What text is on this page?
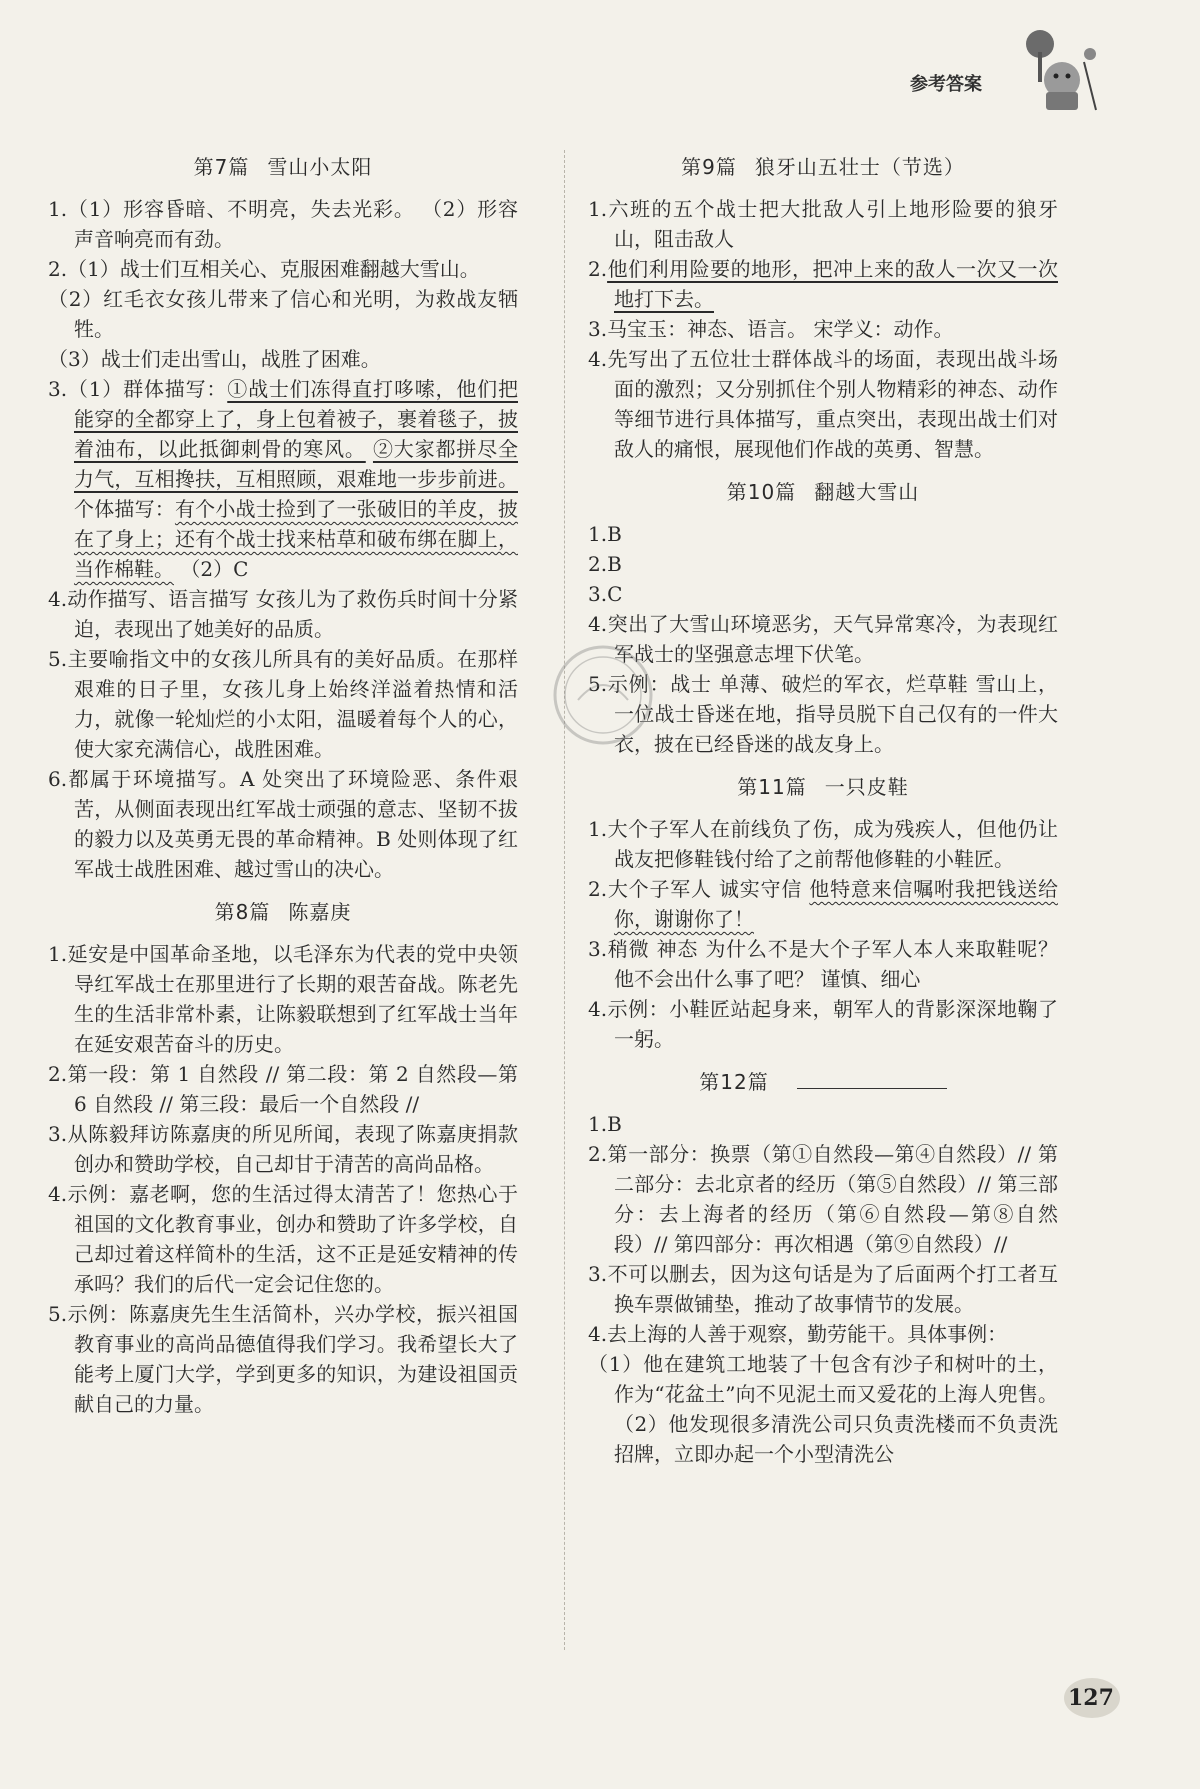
参考答案
第7篇 雪山小太阳

1.（1）形容昏暗、不明亮，失去光彩。 （2）形容声音响亮而有劲。

2.（1）战士们互相关心、克服困难翻越大雪山。

（2）红毛衣女孩儿带来了信心和光明，为救战友牺牲。

（3）战士们走出雪山，战胜了困难。

3.（1）群体描写：①战士们冻得直打哆嗦，他们把能穿的全都穿上了，身上包着被子，裹着毯子，披着油布，以此抵御刺骨的寒风。 ②大家都拼尽全力气，互相搀扶，互相照顾，艰难地一步步前进。个体描写：有个小战士捡到了一张破旧的羊皮，披在了身上；还有个战士找来枯草和破布绑在脚上，当作棉鞋。 （2）C

4.动作描写、语言描写 女孩儿为了救伤兵时间十分紧迫，表现出了她美好的品质。

5.主要喻指文中的女孩儿所具有的美好品质。在那样艰难的日子里，女孩儿身上始终洋溢着热情和活力，就像一轮灿烂的小太阳，温暖着每个人的心，使大家充满信心，战胜困难。

6.都属于环境描写。A 处突出了环境险恶、条件艰苦，从侧面表现出红军战士顽强的意志、坚韧不拔的毅力以及英勇无畏的革命精神。B 处则体现了红军战士战胜困难、越过雪山的决心。

第8篇 陈嘉庚

1.延安是中国革命圣地，以毛泽东为代表的党中央领导红军战士在那里进行了长期的艰苦奋战。陈老先生的生活非常朴素，让陈毅联想到了红军战士当年在延安艰苦奋斗的历史。

2.第一段：第 1 自然段 // 第二段：第 2 自然段—第 6 自然段 // 第三段：最后一个自然段 //

3.从陈毅拜访陈嘉庚的所见所闻，表现了陈嘉庚捐款创办和赞助学校，自己却甘于清苦的高尚品格。

4.示例：嘉老啊，您的生活过得太清苦了！您热心于祖国的文化教育事业，创办和赞助了许多学校，自己却过着这样简朴的生活，这不正是延安精神的传承吗？我们的后代一定会记住您的。

5.示例：陈嘉庚先生生活简朴，兴办学校，振兴祖国教育事业的高尚品德值得我们学习。我希望长大了能考上厦门大学，学到更多的知识，为建设祖国贡献自己的力量。

第9篇 狼牙山五壮士（节选）

1.六班的五个战士把大批敌人引上地形险要的狼牙山，阻击敌人

2.他们利用险要的地形，把冲上来的敌人一次又一次地打下去。

3.马宝玉：神态、语言。 宋学义：动作。

4.先写出了五位壮士群体战斗的场面，表现出战斗场面的激烈；又分别抓住个别人物精彩的神态、动作等细节进行具体描写，重点突出，表现出战士们对敌人的痛恨，展现他们作战的英勇、智慧。

第10篇 翻越大雪山

1.B

2.B

3.C

4.突出了大雪山环境恶劣，天气异常寒冷，为表现红军战士的坚强意志埋下伏笔。

5.示例：战士 单薄、破烂的军衣，烂草鞋 雪山上，一位战士昏迷在地，指导员脱下自己仅有的一件大衣，披在已经昏迷的战友身上。

第11篇 一只皮鞋

1.大个子军人在前线负了伤，成为残疾人，但他仍让战友把修鞋钱付给了之前帮他修鞋的小鞋匠。

2.大个子军人 诚实守信 他特意来信嘱咐我把钱送给你，谢谢你了！

3.稍微 神态 为什么不是大个子军人本人来取鞋呢？他不会出什么事了吧？ 谨慎、细心

4.示例：小鞋匠站起身来，朝军人的背影深深地鞠了一躬。

第12篇

1.B

2.第一部分：换票（第①自然段—第④自然段）// 第二部分：去北京者的经历（第⑤自然段）// 第三部分：去上海者的经历（第⑥自然段—第⑧自然段）// 第四部分：再次相遇（第⑨自然段）//

3.不可以删去，因为这句话是为了后面两个打工者互换车票做铺垫，推动了故事情节的发展。

4.去上海的人善于观察，勤劳能干。具体事例：

（1）他在建筑工地装了十包含有沙子和树叶的土，作为“花盆土”向不见泥土而又爱花的上海人兜售。（2）他发现很多清洗公司只负责洗楼而不负责洗招牌，立即办起一个小型清洗公

127
